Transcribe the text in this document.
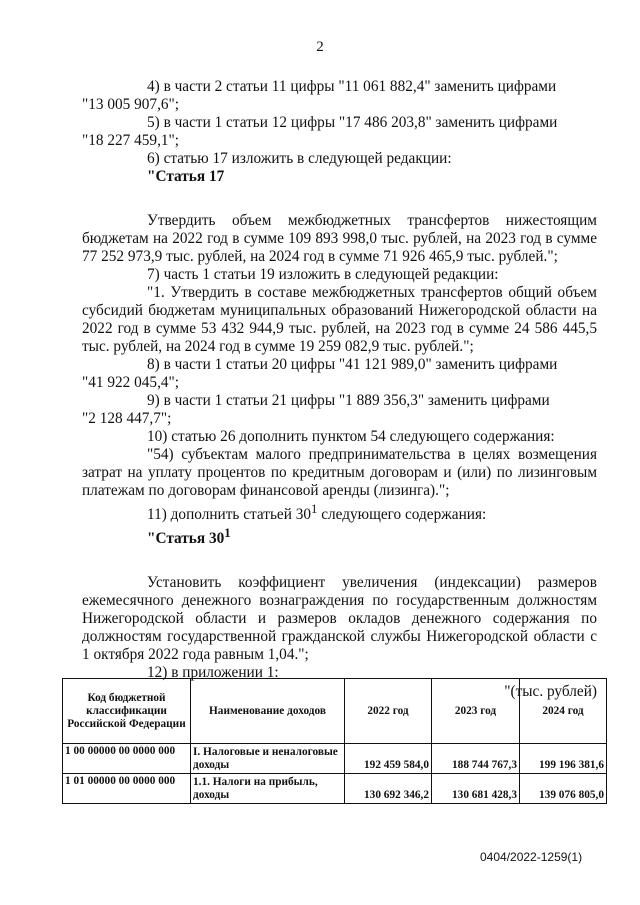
2

4) в части 2 статьи 11 цифры "11 061 882,4" заменить цифрами

"13 005 907,6";

5) в части 1 статьи 12 цифры "17 486 203,8" заменить цифрами

"18 227 459,1";

6) статью 17 изложить в следующей редакции:

"Статья 17

Утвердить объем межбюджетных трансфертов нижестоящим бюджетам на 2022 год в сумме 109 893 998,0 тыс. рублей, на 2023 год в сумме 77 252 973,9 тыс. рублей, на 2024 год в сумме 71 926 465,9 тыс. рублей.";

7) часть 1 статьи 19 изложить в следующей редакции:

"1. Утвердить в составе межбюджетных трансфертов общий объем субсидий бюджетам муниципальных образований Нижегородской области на 2022 год в сумме 53 432 944,9 тыс. рублей, на 2023 год в сумме 24 586 445,5 тыс. рублей, на 2024 год в сумме 19 259 082,9 тыс. рублей.";

8) в части 1 статьи 20 цифры "41 121 989,0" заменить цифрами

"41 922 045,4";

9) в части 1 статьи 21 цифры "1 889 356,3" заменить цифрами

"2 128 447,7";

10) статью 26 дополнить пунктом 54 следующего содержания:

"54) субъектам малого предпринимательства в целях возмещения затрат на уплату процентов по кредитным договорам и (или) по лизинговым платежам по договорам финансовой аренды (лизинга).";

11) дополнить статьей $30^1$ следующего содержания:

"Статья $30^1$

Установить коэффициент увеличения (индексации) размеров ежемесячного денежного вознаграждения по государственным должностям Нижегородской области и размеров окладов денежного содержания по должностям государственной гражданской службы Нижегородской области с 1 октября 2022 года равным 1,04.";

12) в приложении 1:

"(тыс. рублей)

Код бюджетной классификации Российской Федерации	Наименование доходов	2022 год	2023 год	2024 год
1 00 00000 00 0000 000	I. Налоговые и неналоговые доходы	192 459 584,0	188 744 767,3	199 196 381,6
1 01 00000 00 0000 000	1.1. Налоги на прибыль, доходы	130 692 346,2	130 681 428,3	139 076 805,0
0404/2022-1259(1)
